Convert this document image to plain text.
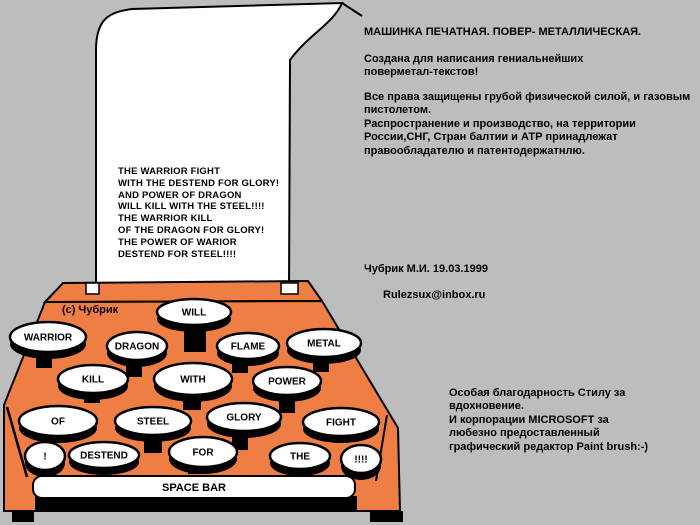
(с) Чубрик	WILL
WARRIOR
DRAGON	FLAME	METAL
KILL	WITH	POWER
OF	STEEL	GLORY	FIGHT
!	DESTEND	FOR	THE	!!!!
SPACE BAR
THE WARRIOR FIGHT
WITH THE DESTEND FOR GLORY!
AND POWER OF DRAGON
WILL KILL WITH THE STEEL!!!!
THE WARRIOR KILL
OF THE DRAGON FOR GLORY!
THE POWER OF WARIOR
DESTEND FOR STEEL!!!!
МАШИНКА ПЕЧАТНАЯ. ПОВЕР- МЕТАЛЛИЧЕСКАЯ.
Создана для написания гениальнейших
поверметал-текстов!
Все права защищены грубой физической силой, и газовым
пистолетом.
Распространение и производство, на территории
России,СНГ, Стран балтии и АТР принадлежат
правообладателю и патентодержатнлю.
Чубрик М.И. 19.03.1999
Rulezsux@inbox.ru
Особая благодарность Стилу за
вдохновение.
И корпорации MICROSOFT за
любезно предоставленный
графический редактор Paint brush:-)
